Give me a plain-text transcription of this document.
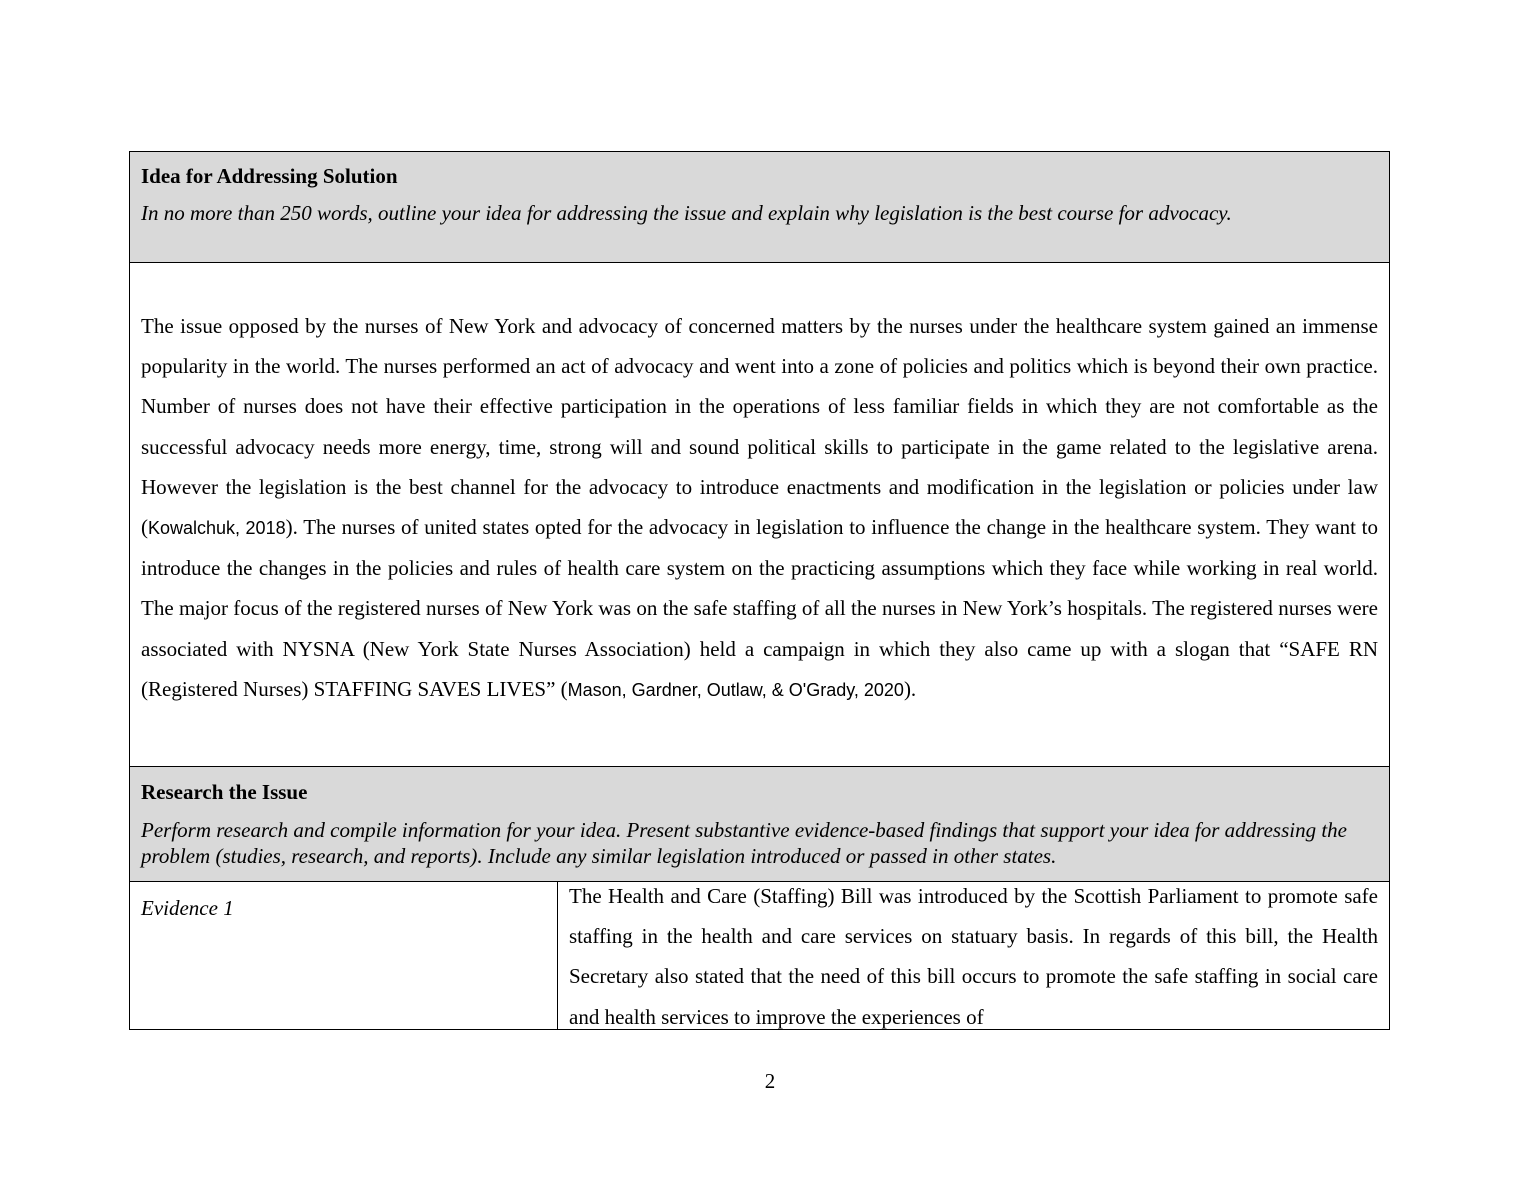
Idea for Addressing Solution
In no more than 250 words, outline your idea for addressing the issue and explain why legislation is the best course for advocacy.

The issue opposed by the nurses of New York and advocacy of concerned matters by the nurses under the healthcare system gained an immense popularity in the world. The nurses performed an act of advocacy and went into a zone of policies and politics which is beyond their own practice. Number of nurses does not have their effective participation in the operations of less familiar fields in which they are not comfortable as the successful advocacy needs more energy, time, strong will and sound political skills to participate in the game related to the legislative arena. However the legislation is the best channel for the advocacy to introduce enactments and modification in the legislation or policies under law (Kowalchuk, 2018). The nurses of united states opted for the advocacy in legislation to influence the change in the healthcare system. They want to introduce the changes in the policies and rules of health care system on the practicing assumptions which they face while working in real world. The major focus of the registered nurses of New York was on the safe staffing of all the nurses in New York’s hospitals. The registered nurses were associated with NYSNA (New York State Nurses Association) held a campaign in which they also came up with a slogan that “SAFE RN (Registered Nurses) STAFFING SAVES LIVES” (Mason, Gardner, Outlaw, & O'Grady, 2020).

Research the Issue
Perform research and compile information for your idea. Present substantive evidence-based findings that support your idea for addressing the problem (studies, research, and reports). Include any similar legislation introduced or passed in other states.

Evidence 1	The Health and Care (Staffing) Bill was introduced by the Scottish Parliament to promote safe staffing in the health and care services on statuary basis. In regards of this bill, the Health Secretary also stated that the need of this bill occurs to promote the safe staffing in social care and health services to improve the experiences of
2
